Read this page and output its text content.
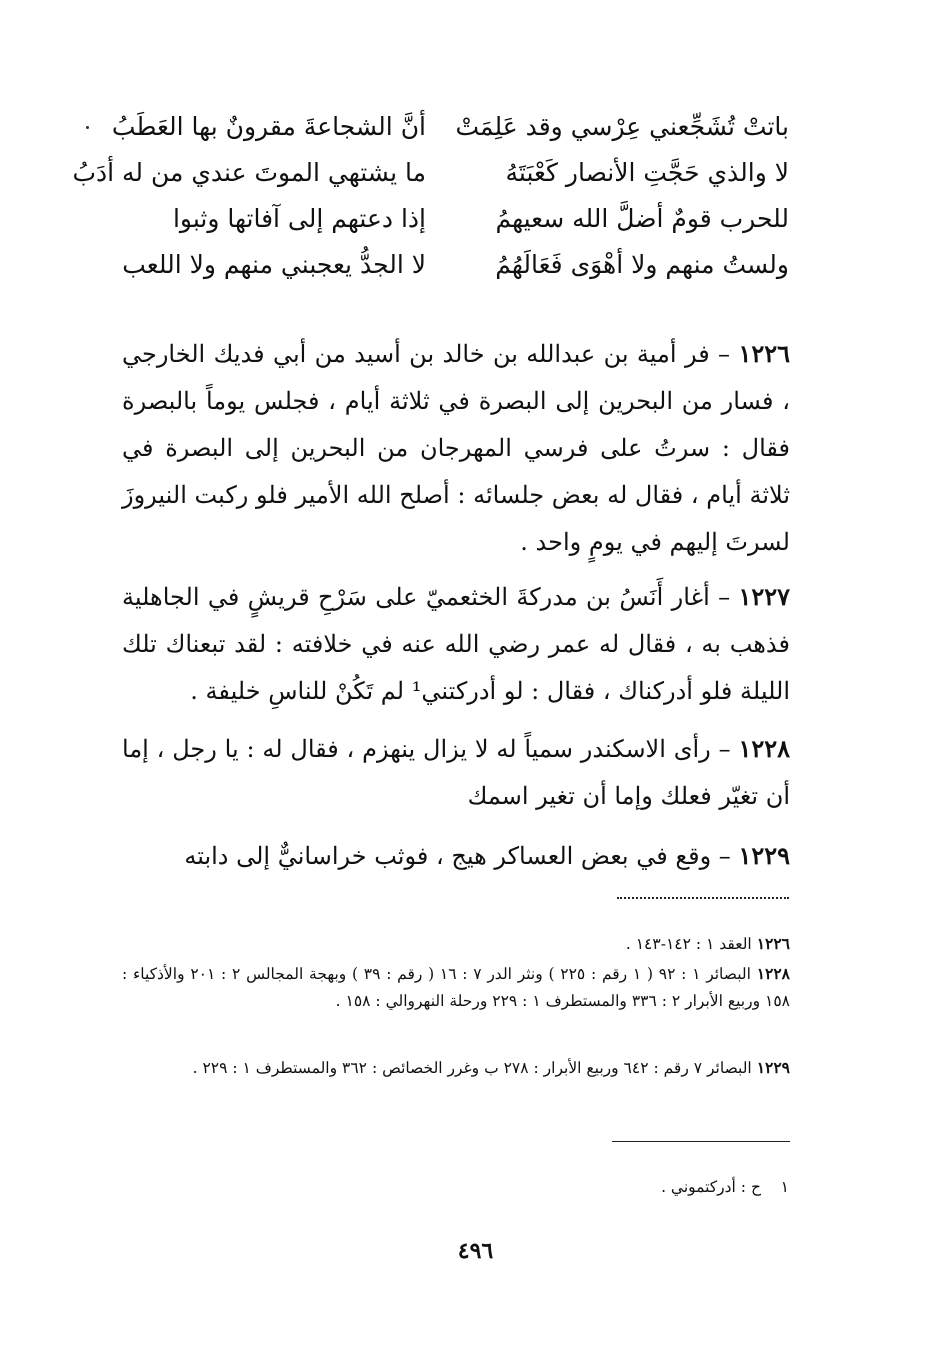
باتتْ تُشَجِّعني عِرْسي وقد عَلِمَتْ
أنَّ الشجاعةَ مقرونٌ بها العَطَبُ
لا والذي حَجَّتِ الأنصار كَعْبَتَهُ
ما يشتهي الموتَ عندي من له أدَبُ
للحرب قومٌ أضلَّ الله سعيهمُ
إذا دعتهم إلى آفاتها وثبوا
ولستُ منهم ولا أهْوَى فَعَالَهُمُ
لا الجدُّ يعجبني منهم ولا اللعب
١٢٢٦ – فر أمية بن عبدالله بن خالد بن أسيد من أبي فديك الخارجي ، فسار من البحرين إلى البصرة في ثلاثة أيام ، فجلس يوماً بالبصرة فقال : سرتُ على فرسي المهرجان من البحرين إلى البصرة في ثلاثة أيام ، فقال له بعض جلسائه : أصلح الله الأمير فلو ركبت النيروزَ لسرتَ إليهم في يومٍ واحد .
١٢٢٧ – أغار أَنَسُ بن مدركةَ الخثعميّ على سَرْحِ قريشٍ في الجاهلية فذهب به ، فقال له عمر رضي الله عنه في خلافته : لقد تبعناك تلك الليلة فلو أدركناك ، فقال : لو أدركتني¹ لم تَكُنْ للناسِ خليفة .
١٢٢٨ – رأى الاسكندر سمياً له لا يزال ينهزم ، فقال له : يا رجل ، إما أن تغيّر فعلك وإما أن تغير اسمك
١٢٢٩ – وقع في بعض العساكر هيج ، فوثب خراسانيٌّ إلى دابته
١٢٢٦ العقد ١ : ١٤٢-١٤٣ .
١٢٢٨ البصائر ١ : ٩٢ ( ١ رقم : ٢٢٥ ) ونثر الدر ٧ : ١٦ ( رقم : ٣٩ ) وبهجة المجالس ٢ : ٢٠١ والأذكياء : ١٥٨ وربيع الأبرار ٢ : ٣٣٦ والمستطرف ١ : ٢٢٩ ورحلة النهروالي : ١٥٨ .
١٢٢٩ البصائر ٧ رقم : ٦٤٢ وربيع الأبرار : ٢٧٨ ب وغرر الخصائص : ٣٦٢ والمستطرف ١ : ٢٢٩ .
١    ح : أدركتموني .
٤٩٦
